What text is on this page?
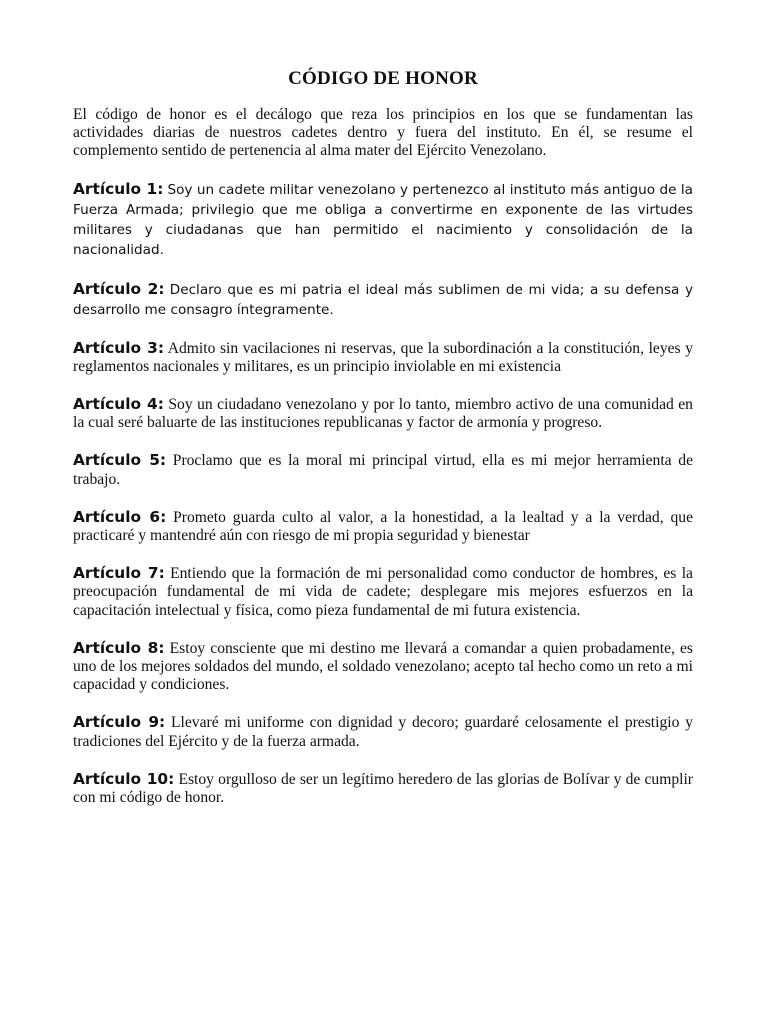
CÓDIGO DE HONOR

El código de honor es el decálogo que reza los principios en los que se fundamentan las actividades diarias de nuestros cadetes dentro y fuera del instituto. En él, se resume el complemento sentido de pertenencia al alma mater del Ejército Venezolano.

Artículo 1: Soy un cadete militar venezolano y pertenezco al instituto más antiguo de la Fuerza Armada; privilegio que me obliga a convertirme en exponente de las virtudes militares y ciudadanas que han permitido el nacimiento y consolidación de la nacionalidad.

Artículo 2: Declaro que es mi patria el ideal más sublimen de mi vida; a su defensa y desarrollo me consagro íntegramente.

Artículo 3: Admito sin vacilaciones ni reservas, que la subordinación a la constitución, leyes y reglamentos nacionales y militares, es un principio inviolable en mi existencia

Artículo 4: Soy un ciudadano venezolano y por lo tanto, miembro activo de una comunidad en la cual seré baluarte de las instituciones republicanas y factor de armonía y progreso.

Artículo 5: Proclamo que es la moral mi principal virtud, ella es mi mejor herramienta de trabajo.

Artículo 6: Prometo guarda culto al valor, a la honestidad, a la lealtad y a la verdad, que practicaré y mantendré aún con riesgo de mi propia seguridad y bienestar

Artículo 7: Entiendo que la formación de mi personalidad como conductor de hombres, es la preocupación fundamental de mi vida de cadete; desplegare mis mejores esfuerzos en la capacitación intelectual y física, como pieza fundamental de mi futura existencia.

Artículo 8: Estoy consciente que mi destino me llevará a comandar a quien probadamente, es uno de los mejores soldados del mundo, el soldado venezolano; acepto tal hecho como un reto a mi capacidad y condiciones.

Artículo 9: Llevaré mi uniforme con dignidad y decoro; guardaré celosamente el prestigio y tradiciones del Ejército y de la fuerza armada.

Artículo 10: Estoy orgulloso de ser un legítimo heredero de las glorias de Bolívar y de cumplir con mi código de honor.
